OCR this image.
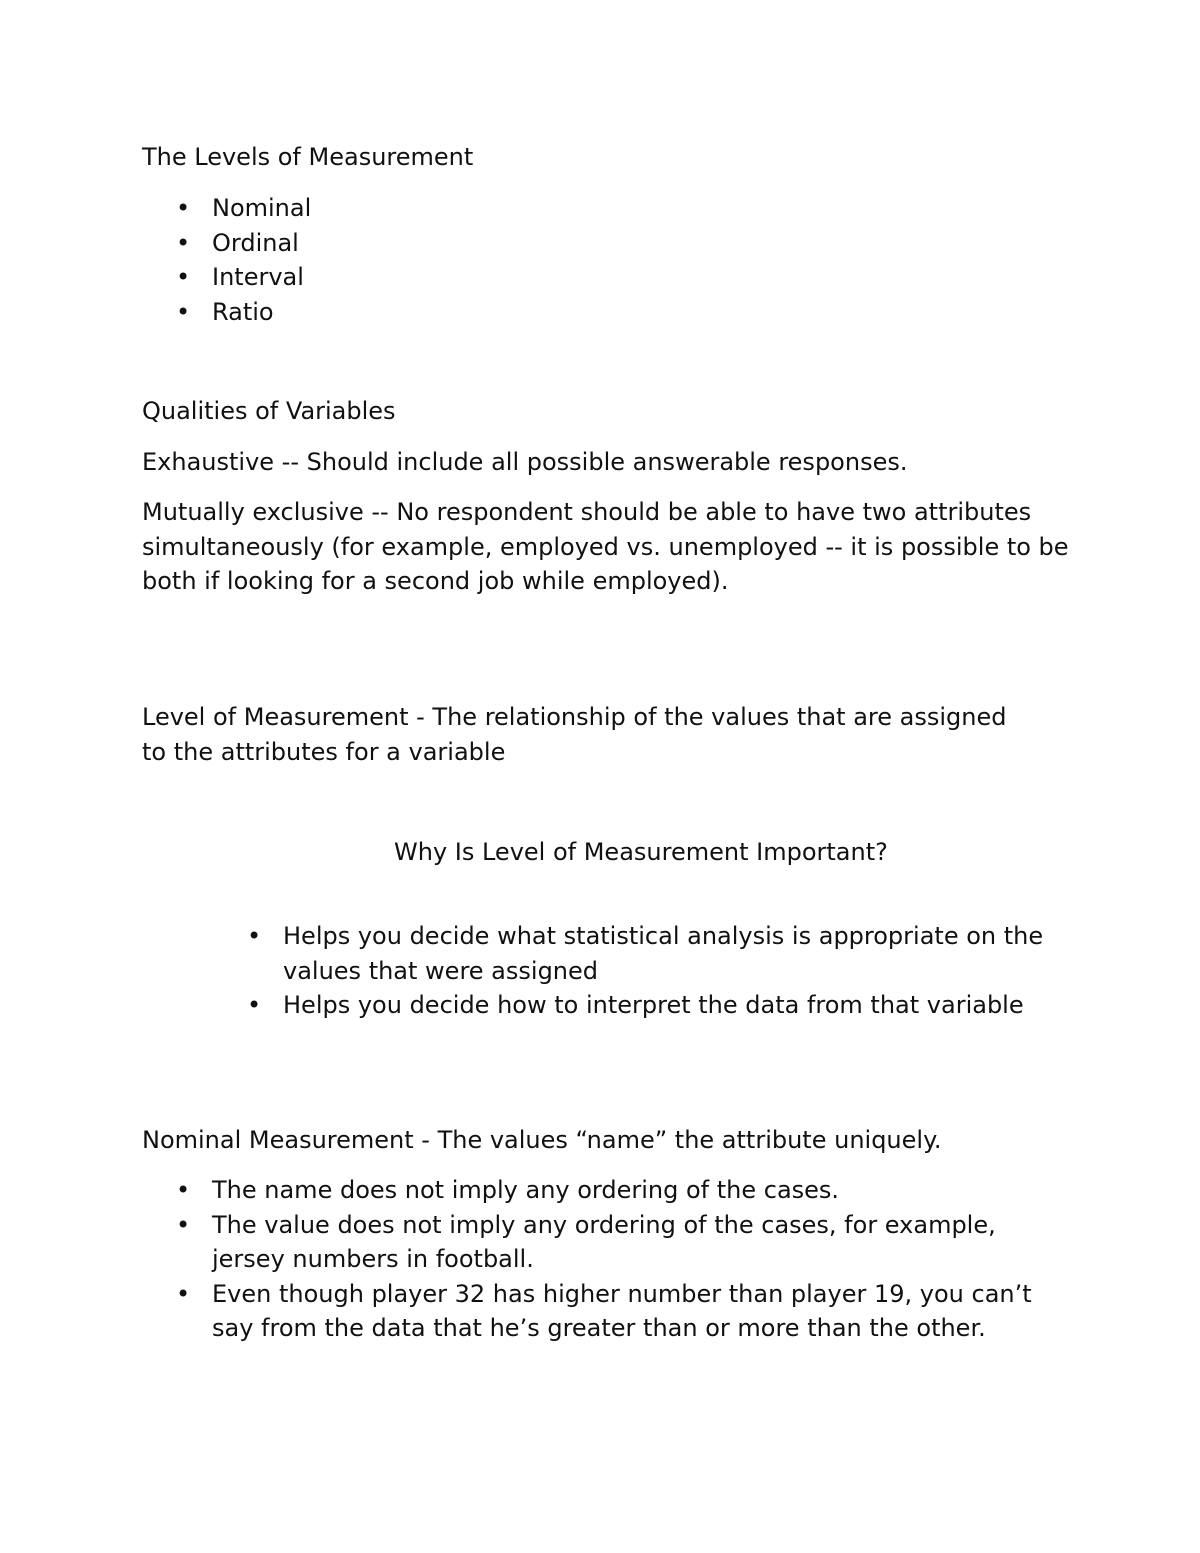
The Levels of Measurement

• Nominal
• Ordinal
• Interval
• Ratio

Qualities of Variables

Exhaustive -- Should include all possible answerable responses.

Mutually exclusive -- No respondent should be able to have two attributes simultaneously (for example, employed vs. unemployed -- it is possible to be both if looking for a second job while employed).

Level of Measurement - The relationship of the values that are assigned to the attributes for a variable

Why Is Level of Measurement Important?

• Helps you decide what statistical analysis is appropriate on the values that were assigned
• Helps you decide how to interpret the data from that variable

Nominal Measurement - The values “name” the attribute uniquely.

• The name does not imply any ordering of the cases.
• The value does not imply any ordering of the cases, for example, jersey numbers in football.
• Even though player 32 has higher number than player 19, you can’t say from the data that he’s greater than or more than the other.
